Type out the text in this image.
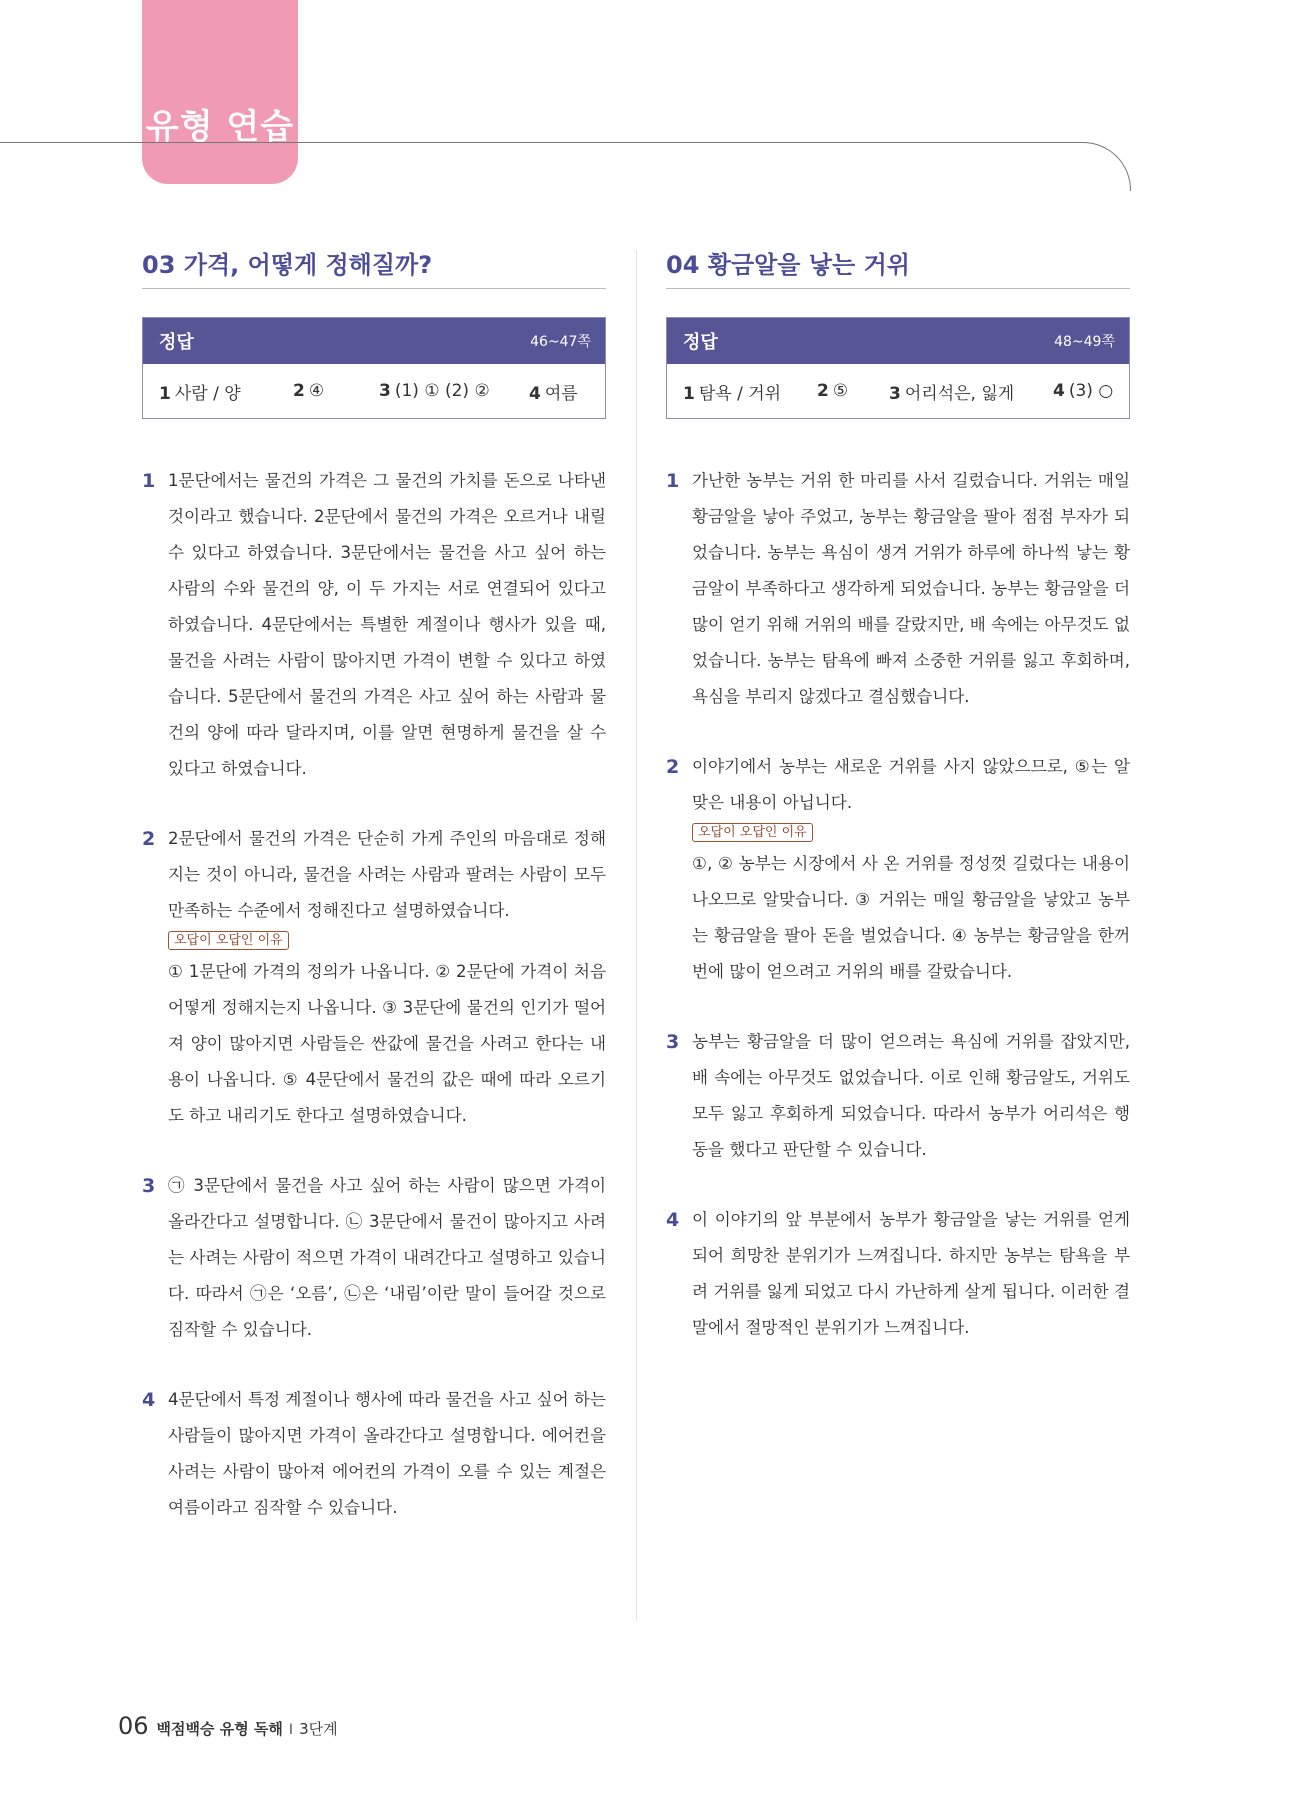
유형 연습
03 가격, 어떻게 정해질까?
정답	46~47쪽
1 사람 / 양	2 ④	3 (1) ① (2) ②	4 여름
1 1문단에서는 물건의 가격은 그 물건의 가치를 돈으로 나타낸 것이라고 했습니다. 2문단에서 물건의 가격은 오르거나 내릴 수 있다고 하였습니다. 3문단에서는 물건을 사고 싶어 하는 사람의 수와 물건의 양, 이 두 가지는 서로 연결되어 있다고 하였습니다. 4문단에서는 특별한 계절이나 행사가 있을 때, 물건을 사려는 사람이 많아지면 가격이 변할 수 있다고 하였습니다. 5문단에서 물건의 가격은 사고 싶어 하는 사람과 물건의 양에 따라 달라지며, 이를 알면 현명하게 물건을 살 수 있다고 하였습니다.

2 2문단에서 물건의 가격은 단순히 가게 주인의 마음대로 정해지는 것이 아니라, 물건을 사려는 사람과 팔려는 사람이 모두 만족하는 수준에서 정해진다고 설명하였습니다.

오답이 오답인 이유

① 1문단에 가격의 정의가 나옵니다. ② 2문단에 가격이 처음 어떻게 정해지는지 나옵니다. ③ 3문단에 물건의 인기가 떨어져 양이 많아지면 사람들은 싼값에 물건을 사려고 한다는 내용이 나옵니다. ⑤ 4문단에서 물건의 값은 때에 따라 오르기도 하고 내리기도 한다고 설명하였습니다.

3 ㉠ 3문단에서 물건을 사고 싶어 하는 사람이 많으면 가격이 올라간다고 설명합니다. ㉡ 3문단에서 물건이 많아지고 사려는 사려는 사람이 적으면 가격이 내려간다고 설명하고 있습니다. 따라서 ㉠은 ‘오름’, ㉡은 ‘내림’이란 말이 들어갈 것으로 짐작할 수 있습니다.

4 4문단에서 특정 계절이나 행사에 따라 물건을 사고 싶어 하는 사람들이 많아지면 가격이 올라간다고 설명합니다. 에어컨을 사려는 사람이 많아져 에어컨의 가격이 오를 수 있는 계절은 여름이라고 짐작할 수 있습니다.

04 황금알을 낳는 거위
정답	48~49쪽
1 탐욕 / 거위	2 ⑤	3 어리석은, 잃게	4 (3) ○
1 가난한 농부는 거위 한 마리를 사서 길렀습니다. 거위는 매일 황금알을 낳아 주었고, 농부는 황금알을 팔아 점점 부자가 되었습니다. 농부는 욕심이 생겨 거위가 하루에 하나씩 낳는 황금알이 부족하다고 생각하게 되었습니다. 농부는 황금알을 더 많이 얻기 위해 거위의 배를 갈랐지만, 배 속에는 아무것도 없었습니다. 농부는 탐욕에 빠져 소중한 거위를 잃고 후회하며, 욕심을 부리지 않겠다고 결심했습니다.

2 이야기에서 농부는 새로운 거위를 사지 않았으므로, ⑤는 알맞은 내용이 아닙니다.

오답이 오답인 이유

①, ② 농부는 시장에서 사 온 거위를 정성껏 길렀다는 내용이 나오므로 알맞습니다. ③ 거위는 매일 황금알을 낳았고 농부는 황금알을 팔아 돈을 벌었습니다. ④ 농부는 황금알을 한꺼번에 많이 얻으려고 거위의 배를 갈랐습니다.

3 농부는 황금알을 더 많이 얻으려는 욕심에 거위를 잡았지만, 배 속에는 아무것도 없었습니다. 이로 인해 황금알도, 거위도 모두 잃고 후회하게 되었습니다. 따라서 농부가 어리석은 행동을 했다고 판단할 수 있습니다.

4 이 이야기의 앞 부분에서 농부가 황금알을 낳는 거위를 얻게 되어 희망찬 분위기가 느껴집니다. 하지만 농부는 탐욕을 부려 거위를 잃게 되었고 다시 가난하게 살게 됩니다. 이러한 결말에서 절망적인 분위기가 느껴집니다.

06 백점백승 유형 독해 I 3단계
